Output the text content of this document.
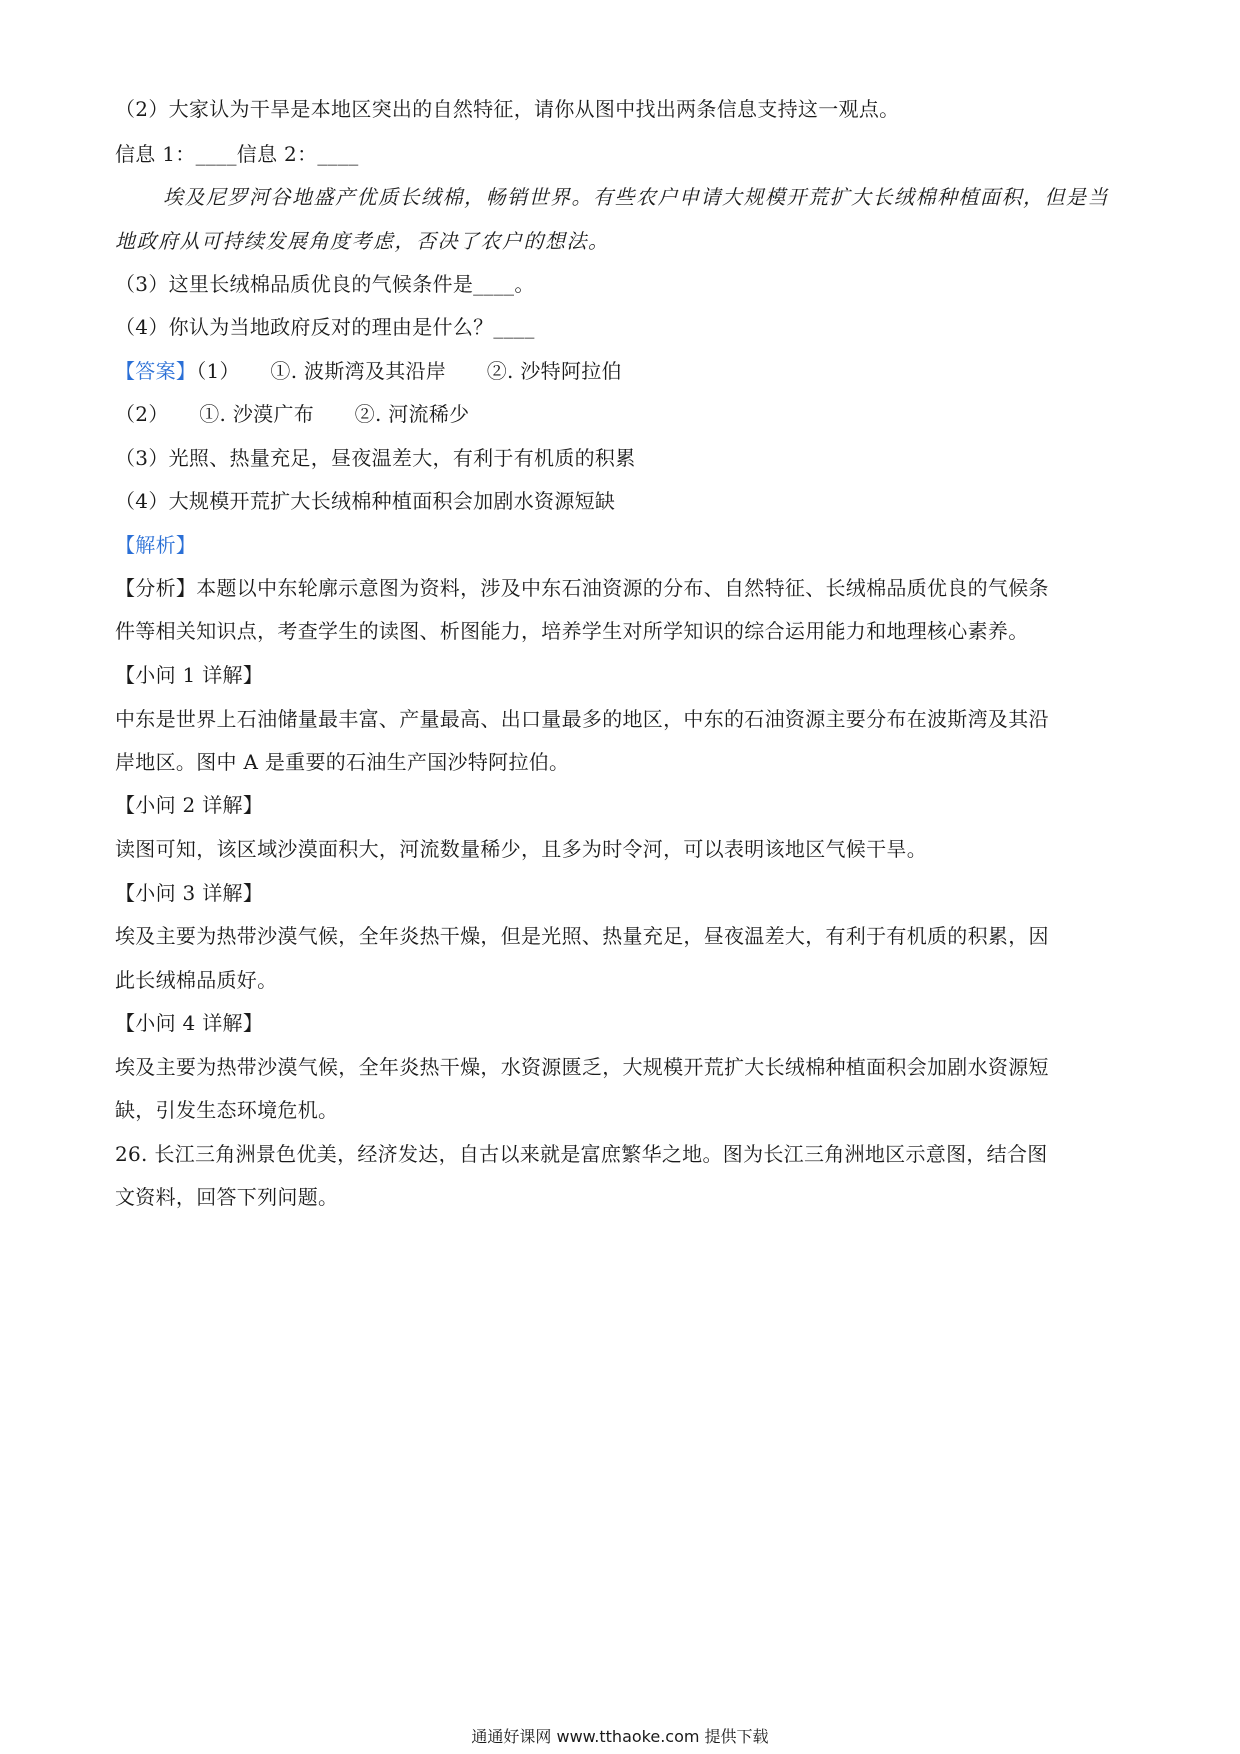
（2）大家认为干旱是本地区突出的自然特征，请你从图中找出两条信息支持这一观点。
信息 1：____信息 2：____
埃及尼罗河谷地盛产优质长绒棉，畅销世界。有些农户申请大规模开荒扩大长绒棉种植面积，但是当
地政府从可持续发展角度考虑，否决了农户的想法。
（3）这里长绒棉品质优良的气候条件是____。
（4）你认为当地政府反对的理由是什么？____
【答案】（1）　　①. 波斯湾及其沿岸　　②. 沙特阿拉伯
（2）　　①. 沙漠广布　　②. 河流稀少
（3）光照、热量充足，昼夜温差大，有利于有机质的积累
（4）大规模开荒扩大长绒棉种植面积会加剧水资源短缺
【解析】
【分析】本题以中东轮廓示意图为资料，涉及中东石油资源的分布、自然特征、长绒棉品质优良的气候条
件等相关知识点，考查学生的读图、析图能力，培养学生对所学知识的综合运用能力和地理核心素养。
【小问 1 详解】
中东是世界上石油储量最丰富、产量最高、出口量最多的地区，中东的石油资源主要分布在波斯湾及其沿
岸地区。图中 A 是重要的石油生产国沙特阿拉伯。
【小问 2 详解】
读图可知，该区域沙漠面积大，河流数量稀少，且多为时令河，可以表明该地区气候干旱。
【小问 3 详解】
埃及主要为热带沙漠气候，全年炎热干燥，但是光照、热量充足，昼夜温差大，有利于有机质的积累，因
此长绒棉品质好。
【小问 4 详解】
埃及主要为热带沙漠气候，全年炎热干燥，水资源匮乏，大规模开荒扩大长绒棉种植面积会加剧水资源短
缺，引发生态环境危机。
26. 长江三角洲景色优美，经济发达，自古以来就是富庶繁华之地。图为长江三角洲地区示意图，结合图
文资料，回答下列问题。
通通好课网 www.tthaoke.com 提供下载
